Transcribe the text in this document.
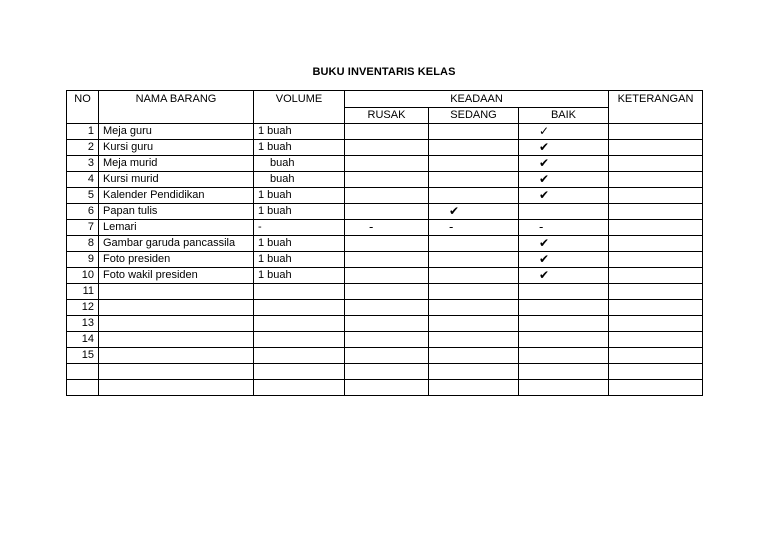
BUKU INVENTARIS KELAS
NO	NAMA BARANG	VOLUME	KEADAAN			KETERANGAN
			RUSAK	SEDANG	BAIK	
1	Meja guru	1 buah			✓	
2	Kursi guru	1 buah			✔	
3	Meja murid	buah			✔	
4	Kursi murid	buah			✔	
5	Kalender Pendidikan	1 buah			✔	
6	Papan tulis	1 buah		✔		
7	Lemari	-	-	-	-	
8	Gambar garuda pancassila	1 buah			✔	
9	Foto presiden	1 buah			✔	
10	Foto wakil presiden	1 buah			✔	
11						
12						
13						
14						
15						
